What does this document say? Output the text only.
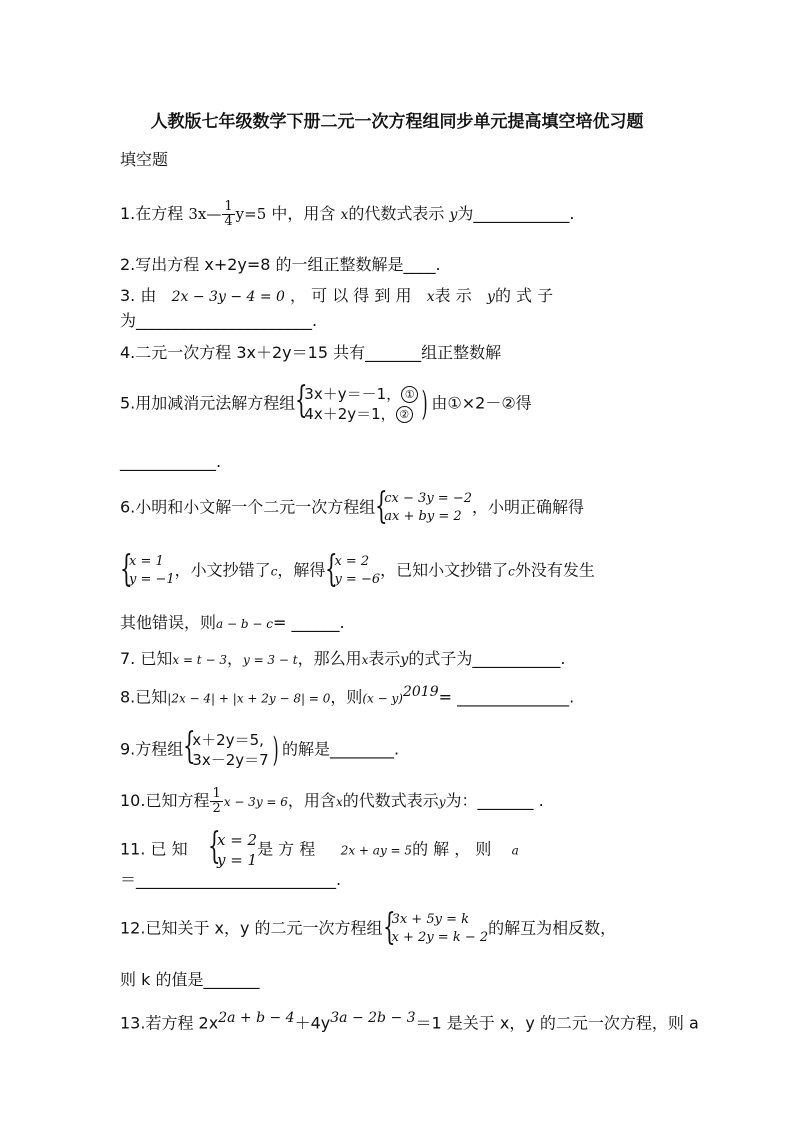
人教版七年级数学下册二元一次方程组同步单元提高填空培优习题
填空题
1.在方程 3x— $\frac{1}{4} y=5$ 中，用含 x的代数式表示 y为____________.
2.写出方程 x+2y=8 的一组正整数解是____.
3. 由 2x − 3y − 4 = 0 ， 可 以 得 到 用 x表 示 y的 式 子
为______________________.
4.二元一次方程 3x＋2y＝15 共有_______组正整数解
5.用加减消元法解方程组 {
3x＋y＝－1， ①
4x＋2y＝1， ② ) 由①×2－②得
____________.
6.小明和小文解一个二元一次方程组 {
cx − 3y = −2
ax + by = 2 ，小明正确解得
{
x = 1
y = −1 ，小文抄错了c，解得 {
x = 2
y = −6 ，已知小文抄错了c外没有发生
其他错误，则a − b − c= ______.
7. 已知x = t − 3，y = 3 − t，那么用x表示y的式子为___________.
8.已知|2x − 4| + |x + 2y − 8| = 0，则$(x - y)^{2019}=$ ______________.
9.方程组 {
x＋2y＝5,
3x－2y＝7 ) 的解是________.
10.已知方程 $\frac{1}{2}$ x − 3y = 6，用含x的代数式表示y为：_______ .
11. 已 知 {
x = 2
y = 1
是 方 程 2x + ay = 5的 解 ， 则 a
＝_________________________.
12.已知关于 x，y 的二元一次方程组 {
3x + 5y = k
x + 2y = k − 2 的解互为相反数，
则 k 的值是_______
13.若方程 $2x^{2a + b - 4}+4y^{3a - 2b - 3}=1$ 是关于 x，y 的二元一次方程，则 a
